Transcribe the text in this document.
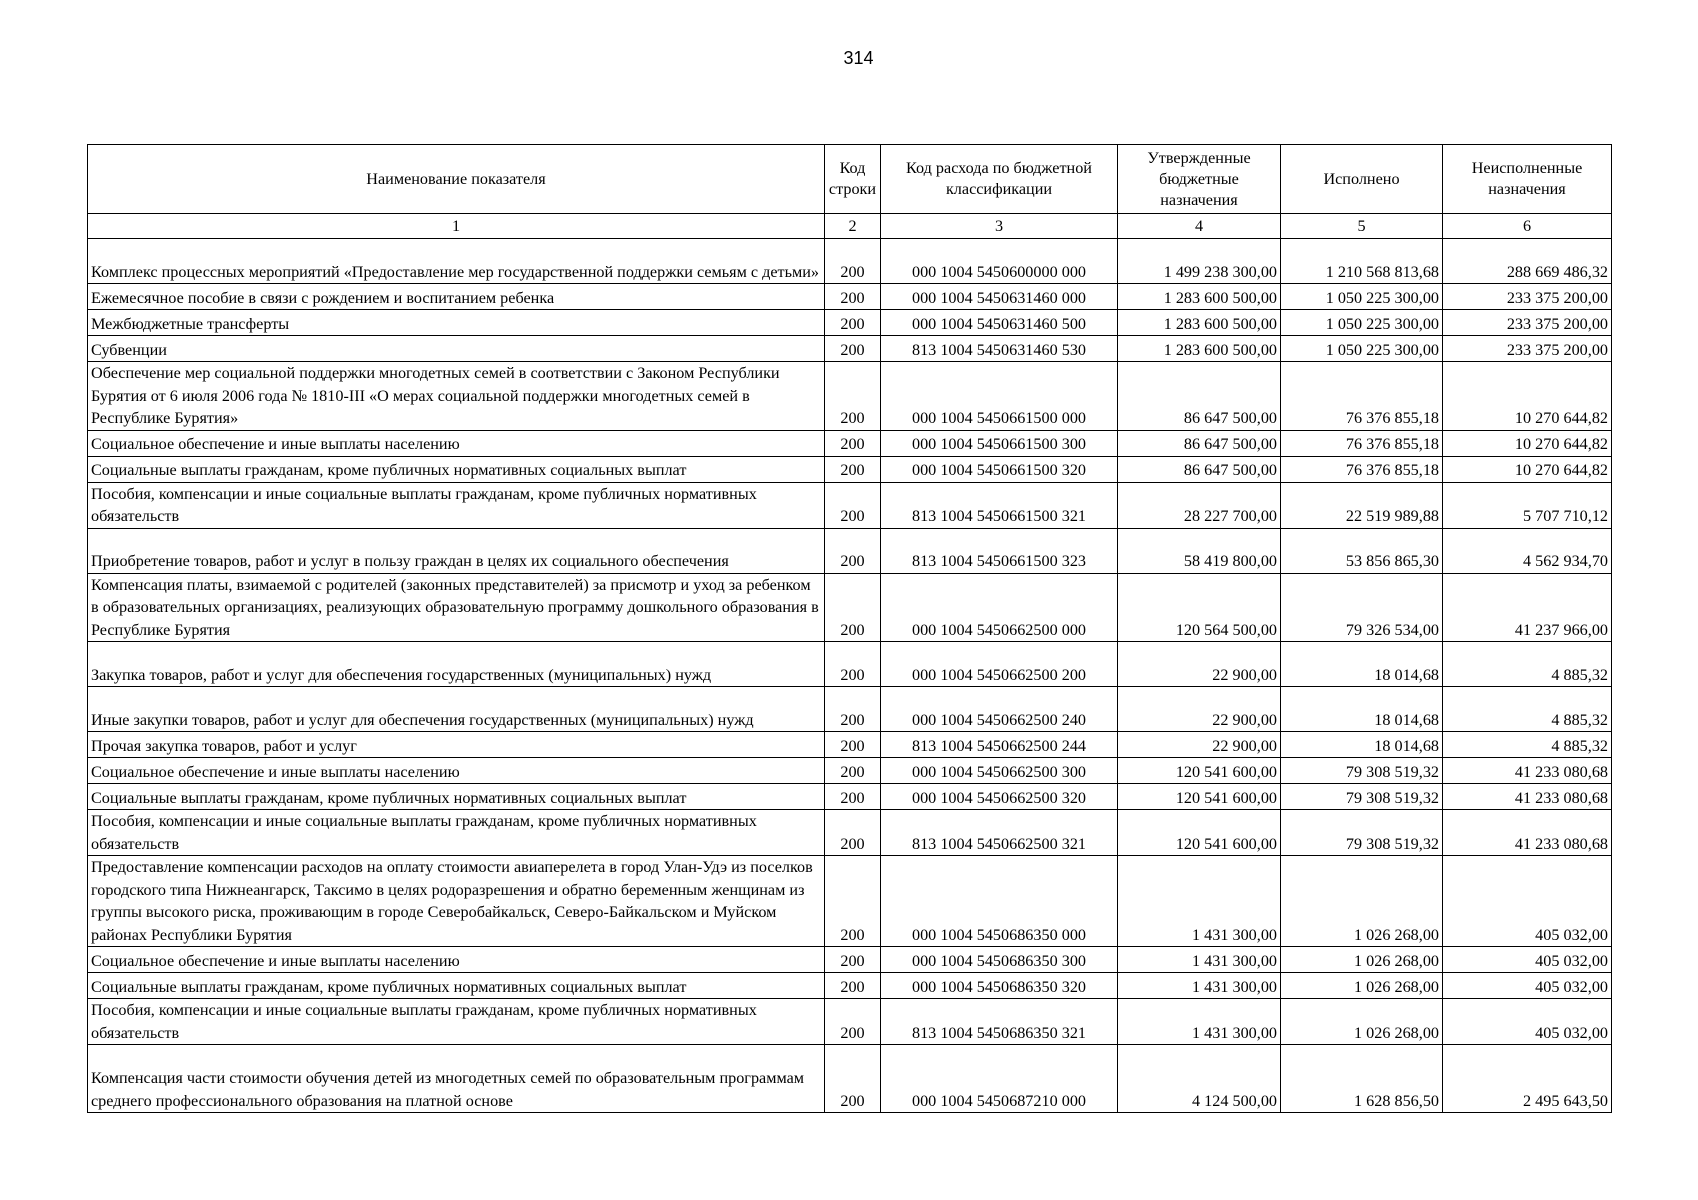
314
Наименование показателя	Код строки	Код расхода по бюджетной классификации	Утвержденные бюджетные назначения	Исполнено	Неисполненные назначения
1	2	3	4	5	6
Комплекс процессных мероприятий «Предоставление мер государственной поддержки семьям с детьми»	200	000 1004 5450600000 000	1 499 238 300,00	1 210 568 813,68	288 669 486,32
Ежемесячное пособие в связи с рождением и воспитанием ребенка	200	000 1004 5450631460 000	1 283 600 500,00	1 050 225 300,00	233 375 200,00
Межбюджетные трансферты	200	000 1004 5450631460 500	1 283 600 500,00	1 050 225 300,00	233 375 200,00
Субвенции	200	813 1004 5450631460 530	1 283 600 500,00	1 050 225 300,00	233 375 200,00
Обеспечение мер социальной поддержки многодетных семей в соответствии с Законом Республики Бурятия от 6 июля 2006 года № 1810-III «О мерах социальной поддержки многодетных семей в Республике Бурятия»	200	000 1004 5450661500 000	86 647 500,00	76 376 855,18	10 270 644,82
Социальное обеспечение и иные выплаты населению	200	000 1004 5450661500 300	86 647 500,00	76 376 855,18	10 270 644,82
Социальные выплаты гражданам, кроме публичных нормативных социальных выплат	200	000 1004 5450661500 320	86 647 500,00	76 376 855,18	10 270 644,82
Пособия, компенсации и иные социальные выплаты гражданам, кроме публичных нормативных обязательств	200	813 1004 5450661500 321	28 227 700,00	22 519 989,88	5 707 710,12
Приобретение товаров, работ и услуг в пользу граждан в целях их социального обеспечения	200	813 1004 5450661500 323	58 419 800,00	53 856 865,30	4 562 934,70
Компенсация платы, взимаемой с родителей (законных представителей) за присмотр и уход за ребенком в образовательных организациях, реализующих образовательную программу дошкольного образования в Республике Бурятия	200	000 1004 5450662500 000	120 564 500,00	79 326 534,00	41 237 966,00
Закупка товаров, работ и услуг для обеспечения государственных (муниципальных) нужд	200	000 1004 5450662500 200	22 900,00	18 014,68	4 885,32
Иные закупки товаров, работ и услуг для обеспечения государственных (муниципальных) нужд	200	000 1004 5450662500 240	22 900,00	18 014,68	4 885,32
Прочая закупка товаров, работ и услуг	200	813 1004 5450662500 244	22 900,00	18 014,68	4 885,32
Социальное обеспечение и иные выплаты населению	200	000 1004 5450662500 300	120 541 600,00	79 308 519,32	41 233 080,68
Социальные выплаты гражданам, кроме публичных нормативных социальных выплат	200	000 1004 5450662500 320	120 541 600,00	79 308 519,32	41 233 080,68
Пособия, компенсации и иные социальные выплаты гражданам, кроме публичных нормативных обязательств	200	813 1004 5450662500 321	120 541 600,00	79 308 519,32	41 233 080,68
Предоставление компенсации расходов на оплату стоимости авиаперелета в город Улан-Удэ из поселков городского типа Нижнеангарск, Таксимо в целях родоразрешения и обратно беременным женщинам из группы высокого риска, проживающим в городе Северобайкальск, Северо-Байкальском и Муйском районах Республики Бурятия	200	000 1004 5450686350 000	1 431 300,00	1 026 268,00	405 032,00
Социальное обеспечение и иные выплаты населению	200	000 1004 5450686350 300	1 431 300,00	1 026 268,00	405 032,00
Социальные выплаты гражданам, кроме публичных нормативных социальных выплат	200	000 1004 5450686350 320	1 431 300,00	1 026 268,00	405 032,00
Пособия, компенсации и иные социальные выплаты гражданам, кроме публичных нормативных обязательств	200	813 1004 5450686350 321	1 431 300,00	1 026 268,00	405 032,00
Компенсация части стоимости обучения детей из многодетных семей по образовательным программам среднего профессионального образования на платной основе	200	000 1004 5450687210 000	4 124 500,00	1 628 856,50	2 495 643,50
